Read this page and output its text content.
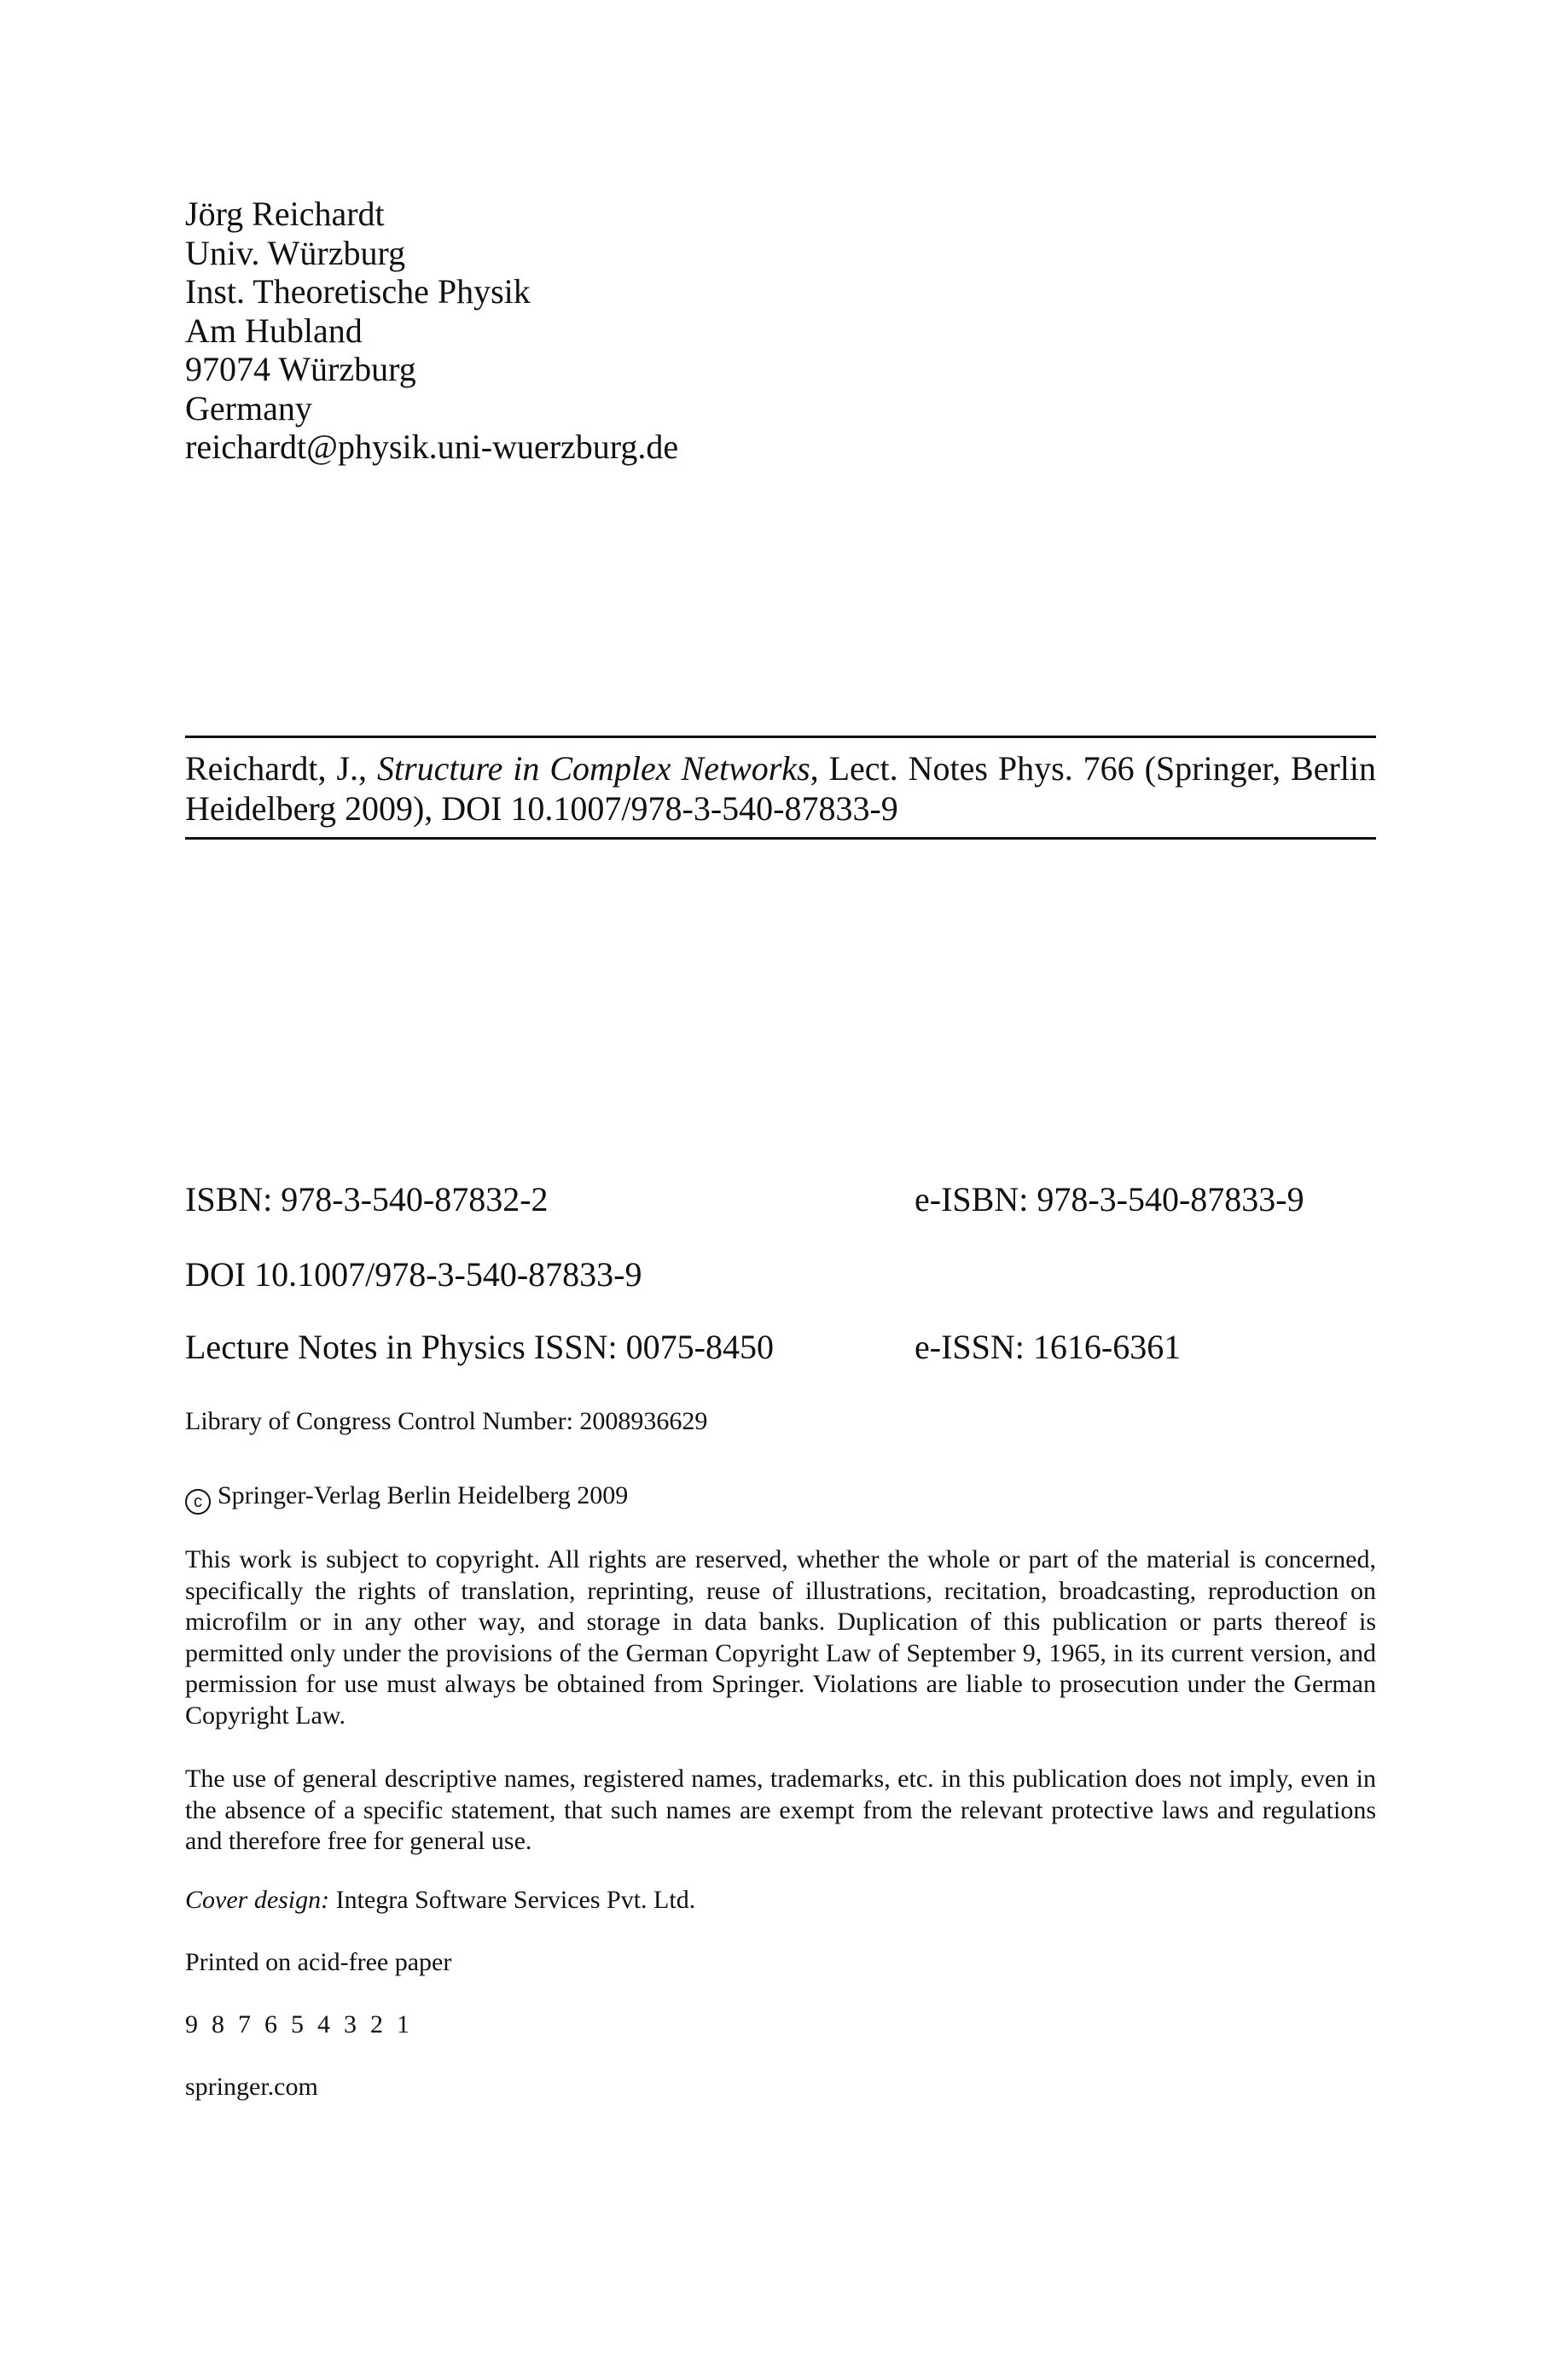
Jörg Reichardt
Univ. Würzburg
Inst. Theoretische Physik
Am Hubland
97074 Würzburg
Germany
reichardt@physik.uni-wuerzburg.de
Reichardt, J., Structure in Complex Networks, Lect. Notes Phys. 766 (Springer, Berlin Heidelberg 2009), DOI 10.1007/978-3-540-87833-9
ISBN: 978-3-540-87832-2	e-ISBN: 978-3-540-87833-9
DOI 10.1007/978-3-540-87833-9
Lecture Notes in Physics ISSN: 0075-8450	e-ISSN: 1616-6361
Library of Congress Control Number: 2008936629
c Springer-Verlag Berlin Heidelberg 2009
This work is subject to copyright. All rights are reserved, whether the whole or part of the material is concerned, specifically the rights of translation, reprinting, reuse of illustrations, recitation, broadcasting, reproduction on microfilm or in any other way, and storage in data banks. Duplication of this publication or parts thereof is permitted only under the provisions of the German Copyright Law of September 9, 1965, in its current version, and permission for use must always be obtained from Springer. Violations are liable to prosecution under the German Copyright Law.
The use of general descriptive names, registered names, trademarks, etc. in this publication does not imply, even in the absence of a specific statement, that such names are exempt from the relevant protective laws and regulations and therefore free for general use.
Cover design: Integra Software Services Pvt. Ltd.
Printed on acid-free paper
9 8 7 6 5 4 3 2 1
springer.com
